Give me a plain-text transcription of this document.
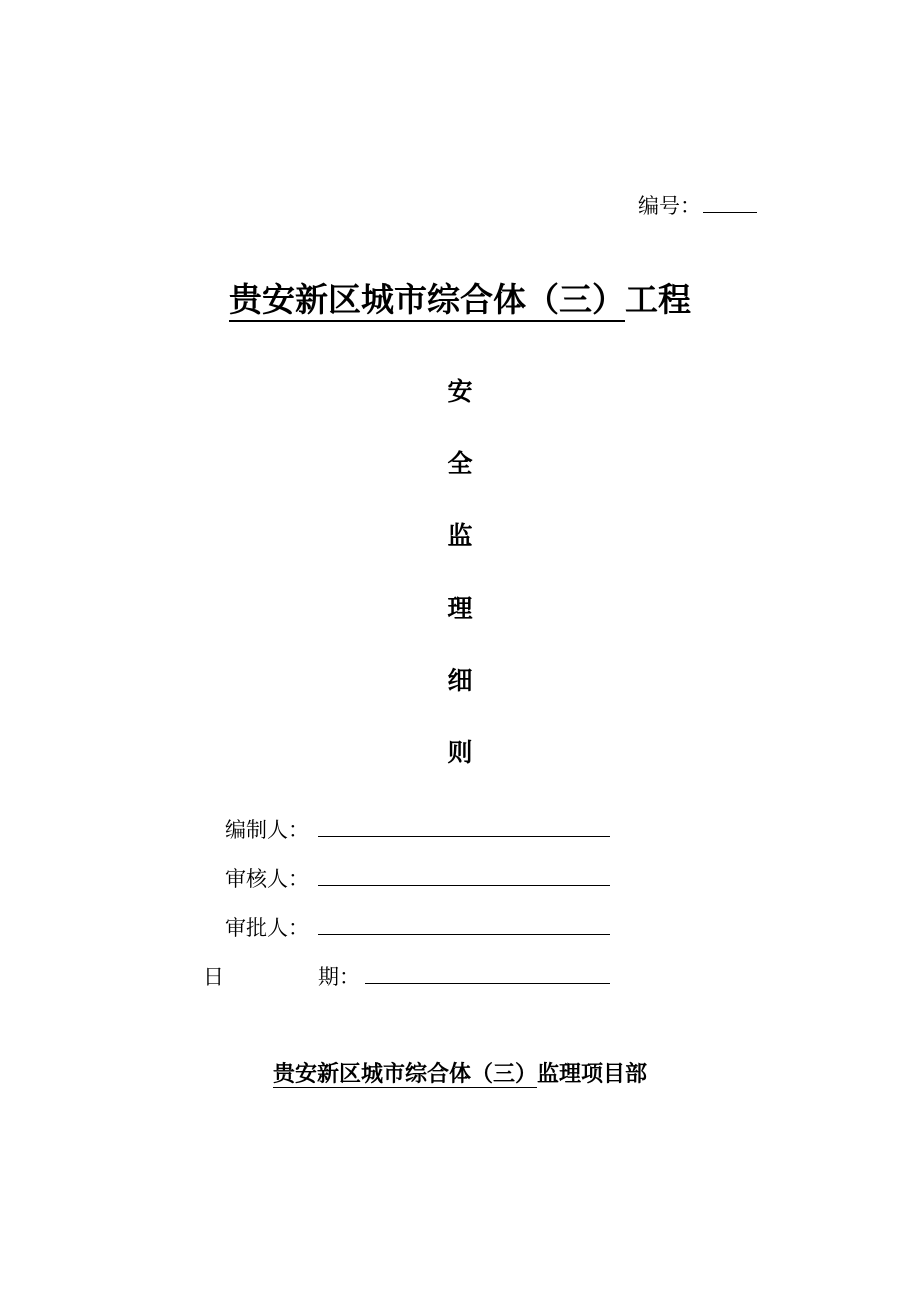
编号：
贵安新区城市综合体（三）工程
安
全
监
理
细
则
编制人：
审核人：
审批人：
日	期：
贵安新区城市综合体（三）监理项目部
